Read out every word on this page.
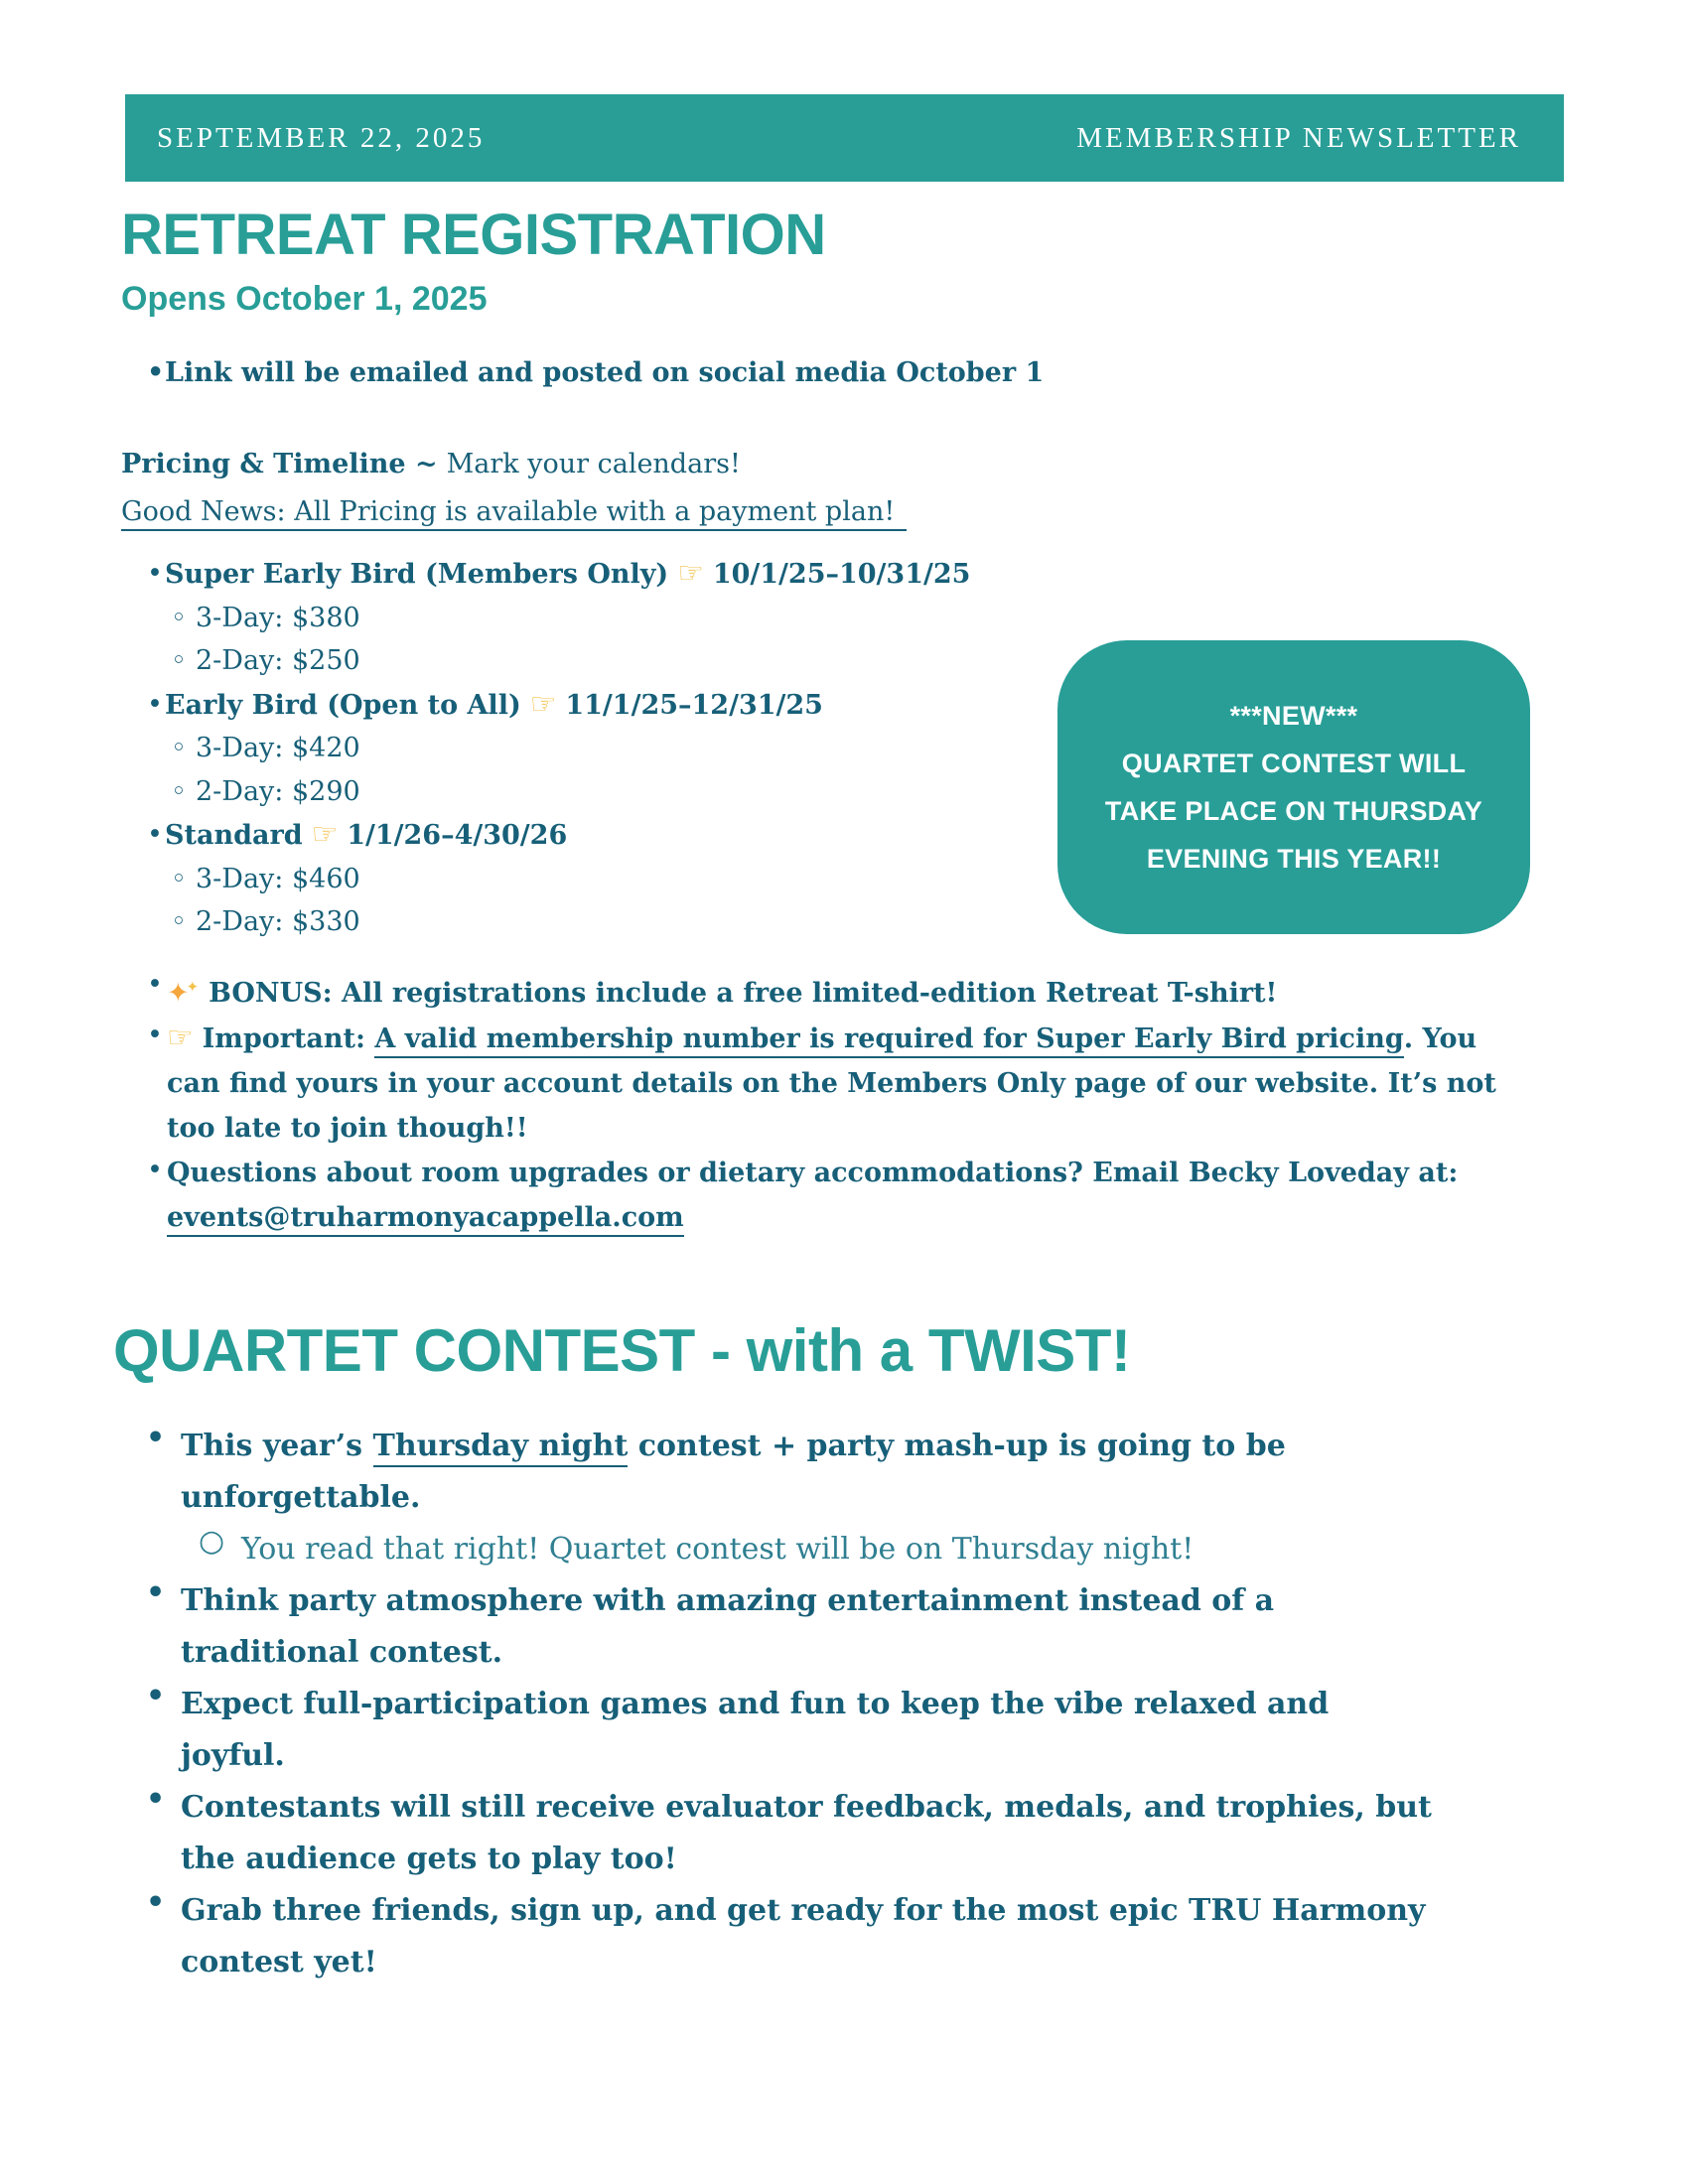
SEPTEMBER 22, 2025	MEMBERSHIP NEWSLETTER
RETREAT REGISTRATION
Opens October 1, 2025
• Link will be emailed and posted on social media October 1
Pricing & Timeline ~ Mark your calendars!
Good News: All Pricing is available with a payment plan!
• Super Early Bird (Members Only) ☞ 10/1/25–10/31/25
◦ 3-Day: $380
◦ 2-Day: $250
• Early Bird (Open to All) ☞ 11/1/25–12/31/25
◦ 3-Day: $420
◦ 2-Day: $290
• Standard ☞ 1/1/26–4/30/26
◦ 3-Day: $460
◦ 2-Day: $330
***NEW***
QUARTET CONTEST WILL
TAKE PLACE ON THURSDAY
EVENING THIS YEAR!!
• ✦✦ BONUS: All registrations include a free limited-edition Retreat T-shirt!
• ☞ Important: A valid membership number is required for Super Early Bird pricing. You
can find yours in your account details on the Members Only page of our website. It’s not
too late to join though!!
• Questions about room upgrades or dietary accommodations? Email Becky Loveday at:
events@truharmonyacappella.com
QUARTET CONTEST - with a TWIST!
• This year’s Thursday night contest + party mash-up is going to be
unforgettable.
○ You read that right! Quartet contest will be on Thursday night!
• Think party atmosphere with amazing entertainment instead of a
traditional contest.
• Expect full-participation games and fun to keep the vibe relaxed and
joyful.
• Contestants will still receive evaluator feedback, medals, and trophies, but
the audience gets to play too!
• Grab three friends, sign up, and get ready for the most epic TRU Harmony
contest yet!
